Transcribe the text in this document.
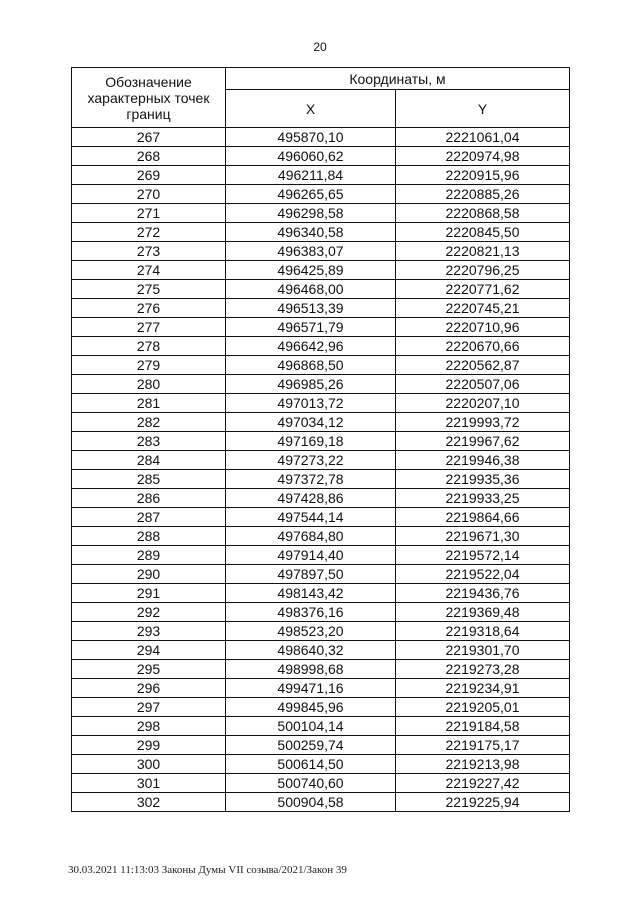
20
Обозначение характерных точек границ	Координаты, м	
	X	Y
267	495870,10	2221061,04
268	496060,62	2220974,98
269	496211,84	2220915,96
270	496265,65	2220885,26
271	496298,58	2220868,58
272	496340,58	2220845,50
273	496383,07	2220821,13
274	496425,89	2220796,25
275	496468,00	2220771,62
276	496513,39	2220745,21
277	496571,79	2220710,96
278	496642,96	2220670,66
279	496868,50	2220562,87
280	496985,26	2220507,06
281	497013,72	2220207,10
282	497034,12	2219993,72
283	497169,18	2219967,62
284	497273,22	2219946,38
285	497372,78	2219935,36
286	497428,86	2219933,25
287	497544,14	2219864,66
288	497684,80	2219671,30
289	497914,40	2219572,14
290	497897,50	2219522,04
291	498143,42	2219436,76
292	498376,16	2219369,48
293	498523,20	2219318,64
294	498640,32	2219301,70
295	498998,68	2219273,28
296	499471,16	2219234,91
297	499845,96	2219205,01
298	500104,14	2219184,58
299	500259,74	2219175,17
300	500614,50	2219213,98
301	500740,60	2219227,42
302	500904,58	2219225,94
30.03.2021 11:13:03 Законы Думы VII созыва/2021/Закон 39
